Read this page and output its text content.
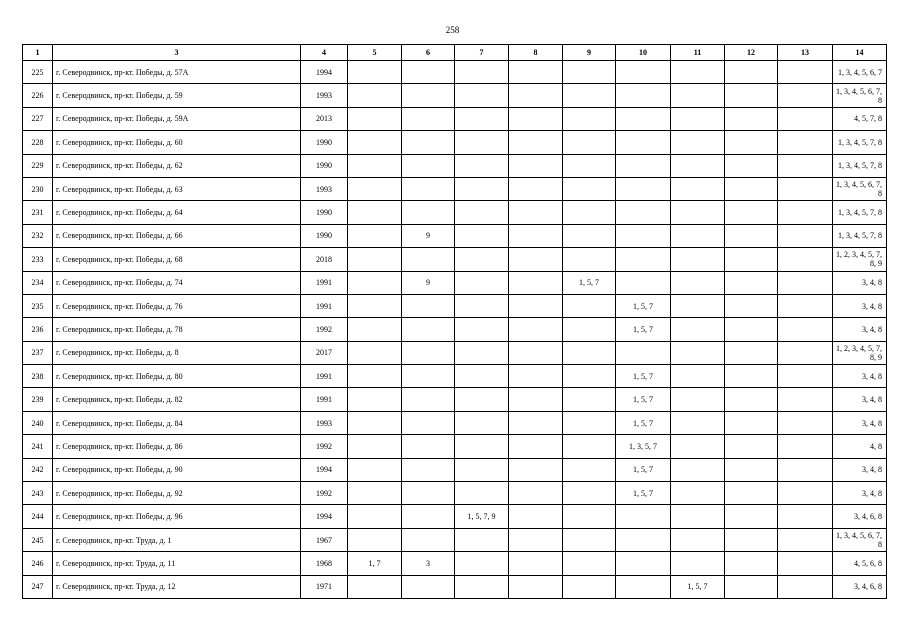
258
1	3	4	5	6	7	8	9	10	11	12	13	14
225	г. Северодвинск, пр-кт. Победы, д. 57А	1994										1, 3, 4, 5, 6, 7
226	г. Северодвинск, пр-кт. Победы, д. 59	1993										1, 3, 4, 5, 6, 7, 8
227	г. Северодвинск, пр-кт. Победы, д. 59А	2013										4, 5, 7, 8
228	г. Северодвинск, пр-кт. Победы, д. 60	1990										1, 3, 4, 5, 7, 8
229	г. Северодвинск, пр-кт. Победы, д. 62	1990										1, 3, 4, 5, 7, 8
230	г. Северодвинск, пр-кт. Победы, д. 63	1993										1, 3, 4, 5, 6, 7, 8
231	г. Северодвинск, пр-кт. Победы, д. 64	1990										1, 3, 4, 5, 7, 8
232	г. Северодвинск, пр-кт. Победы, д. 66	1990		9								1, 3, 4, 5, 7, 8
233	г. Северодвинск, пр-кт. Победы, д. 68	2018										1, 2, 3, 4, 5, 7, 8, 9
234	г. Северодвинск, пр-кт. Победы, д. 74	1991		9			1, 5, 7					3, 4, 8
235	г. Северодвинск, пр-кт. Победы, д. 76	1991						1, 5, 7				3, 4, 8
236	г. Северодвинск, пр-кт. Победы, д. 78	1992						1, 5, 7				3, 4, 8
237	г. Северодвинск, пр-кт. Победы, д. 8	2017										1, 2, 3, 4, 5, 7, 8, 9
238	г. Северодвинск, пр-кт. Победы, д. 80	1991						1, 5, 7				3, 4, 8
239	г. Северодвинск, пр-кт. Победы, д. 82	1991						1, 5, 7				3, 4, 8
240	г. Северодвинск, пр-кт. Победы, д. 84	1993						1, 5, 7				3, 4, 8
241	г. Северодвинск, пр-кт. Победы, д. 86	1992						1, 3, 5, 7				4, 8
242	г. Северодвинск, пр-кт. Победы, д. 90	1994						1, 5, 7				3, 4, 8
243	г. Северодвинск, пр-кт. Победы, д. 92	1992						1, 5, 7				3, 4, 8
244	г. Северодвинск, пр-кт. Победы, д. 96	1994			1, 5, 7, 9							3, 4, 6, 8
245	г. Северодвинск, пр-кт. Труда, д. 1	1967										1, 3, 4, 5, 6, 7, 8
246	г. Северодвинск, пр-кт. Труда, д. 11	1968	1, 7	3								4, 5, 6, 8
247	г. Северодвинск, пр-кт. Труда, д. 12	1971							1, 5, 7			3, 4, 6, 8
